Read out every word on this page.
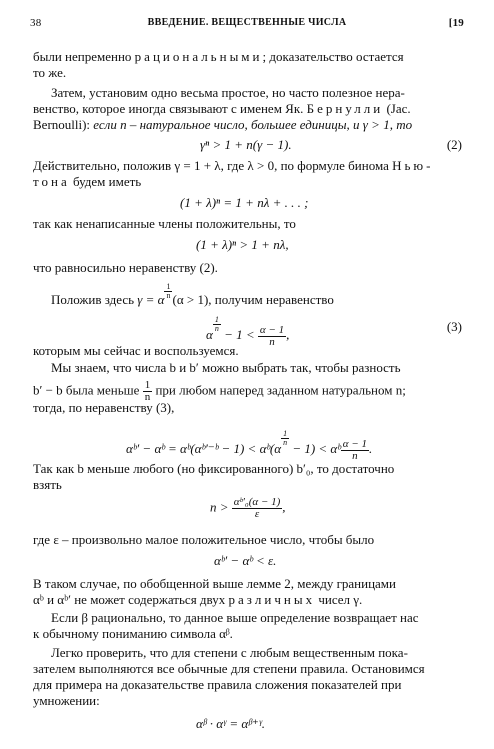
38	ВВЕДЕНИЕ. ВЕЩЕСТВЕННЫЕ ЧИСЛА	[19
были непременно рациональными; доказательство остается
то же.
Затем, установим одно весьма простое, но часто полезное нера-
венство, которое иногда связывают с именем Як. Бернулли (Jac.
Bernoulli): если n – натуральное число, большее единицы, и γ > 1, то
γⁿ > 1 + n(γ − 1).	(2)
Действительно, положив γ = 1 + λ, где λ > 0, по формуле бинома Нью-
тона будем иметь
(1 + λ)ⁿ = 1 + nλ + . . . ;
так как ненаписанные члены положительны, то
(1 + λ)ⁿ > 1 + nλ,
что равносильно неравенству (2).
Положив здесь γ = α $\frac{1}{n} (\alpha > 1)$, получим неравенство
α
$\frac{1}{n}$
− $1 < \frac{\alpha - 1}{n}$ ,
(3)
которым мы сейчас и воспользуемся.
Мы знаем, что числа b и b′ можно выбрать так, чтобы разность
b′ − b была меньше $\frac{1}{n}$ при любом наперед заданном натуральном n;
тогда, по неравенству (3),
αᵇ′ − αᵇ = αᵇ(αᵇ′⁻ᵇ − 1) < αᵇ(α
$\frac{1}{n}$
− 1) < αᵇ $\frac{\alpha - 1}{n}$ .
Так как b меньше любого (но фиксированного) b′₀, то достаточно
взять
$n > \frac{\text{αᵇ′₀(α − 1)}}{\varepsilon}$ ,
где ε – произвольно малое положительное число, чтобы было
αᵇ′ − αᵇ < ε.
В таком случае, по обобщенной выше лемме 2, между границами
αᵇ и αᵇ′ не может содержаться двух различных чисел γ.
Если β рационально, то данное выше определение возвращает нас
к обычному пониманию символа αᵝ.
Легко проверить, что для степени с любым вещественным пока-
зателем выполняются все обычные для степени правила. Остановимся
для примера на доказательстве правила сложения показателей при
умножении:
αᵝ · αᵞ = αᵝ⁺ᵞ.
